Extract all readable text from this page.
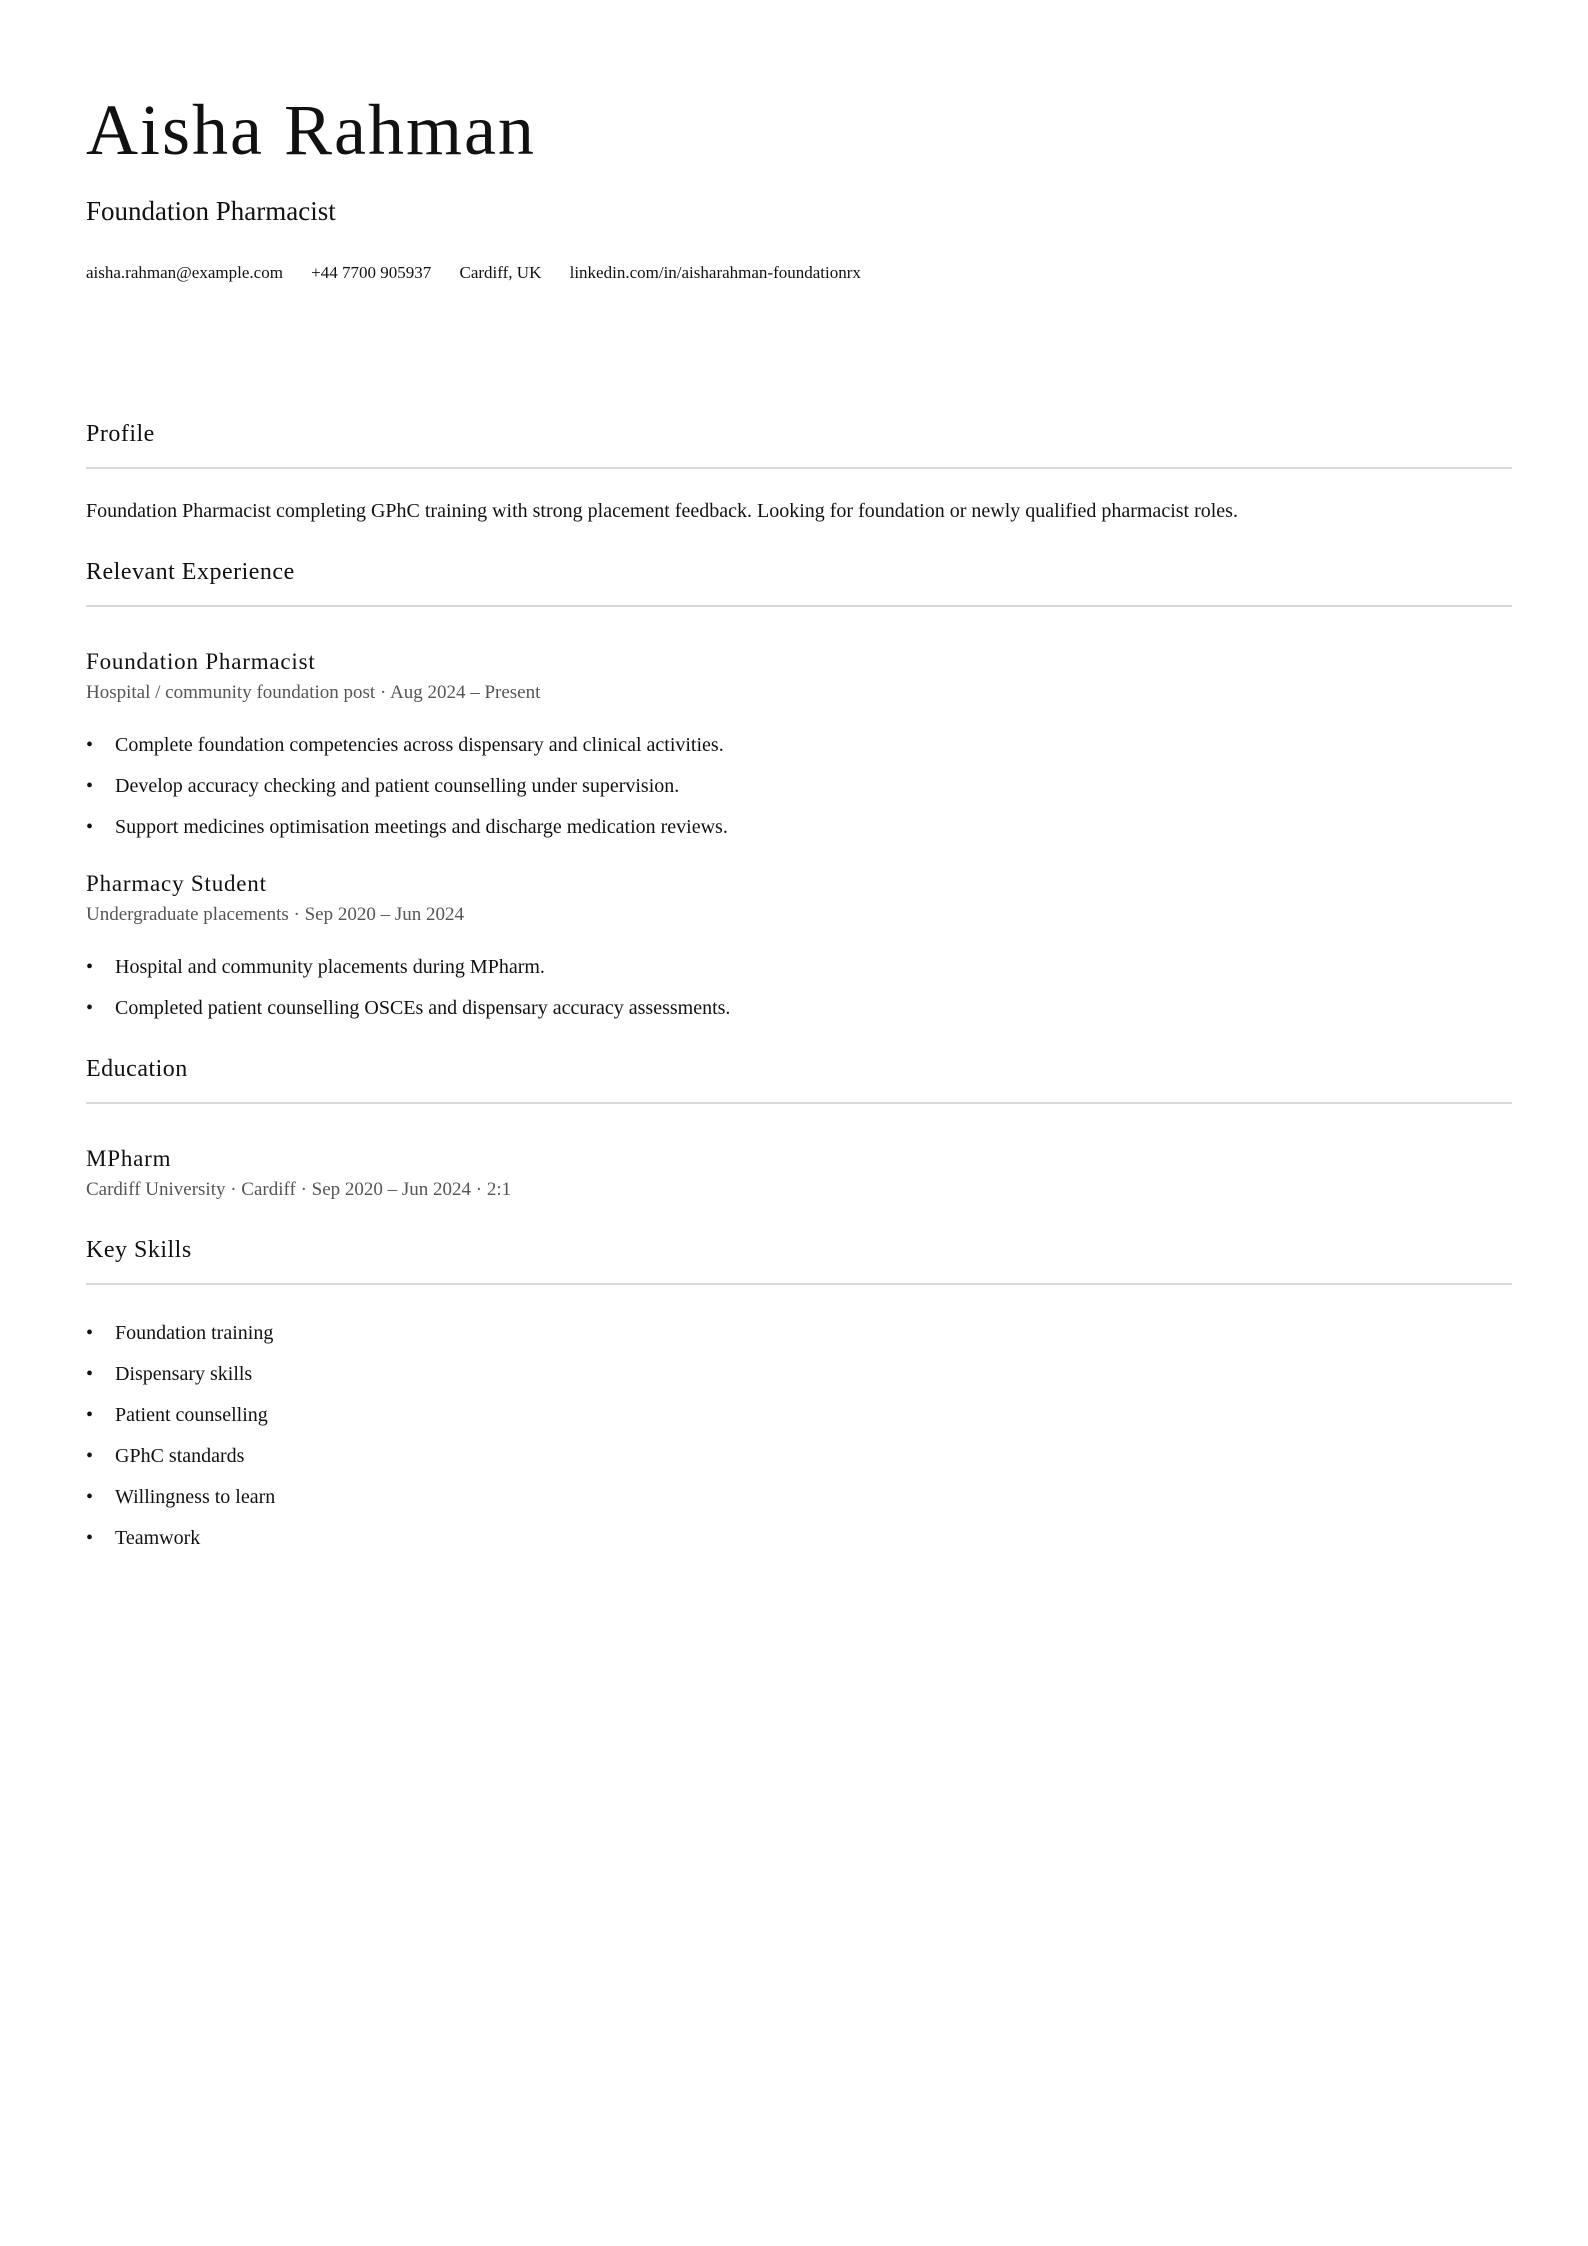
Aisha Rahman
Foundation Pharmacist
aisha.rahman@example.com +44 7700 905937 Cardiff, UK linkedin.com/in/aisharahman-foundationrx
Profile
Foundation Pharmacist completing GPhC training with strong placement feedback. Looking for foundation or newly qualified pharmacist roles.
Relevant Experience
Foundation Pharmacist
Hospital / community foundation post · Aug 2024 – Present
• Complete foundation competencies across dispensary and clinical activities.
• Develop accuracy checking and patient counselling under supervision.
• Support medicines optimisation meetings and discharge medication reviews.
Pharmacy Student
Undergraduate placements · Sep 2020 – Jun 2024
• Hospital and community placements during MPharm.
• Completed patient counselling OSCEs and dispensary accuracy assessments.
Education
MPharm
Cardiff University · Cardiff · Sep 2020 – Jun 2024 · 2:1
Key Skills
• Foundation training
• Dispensary skills
• Patient counselling
• GPhC standards
• Willingness to learn
• Teamwork
